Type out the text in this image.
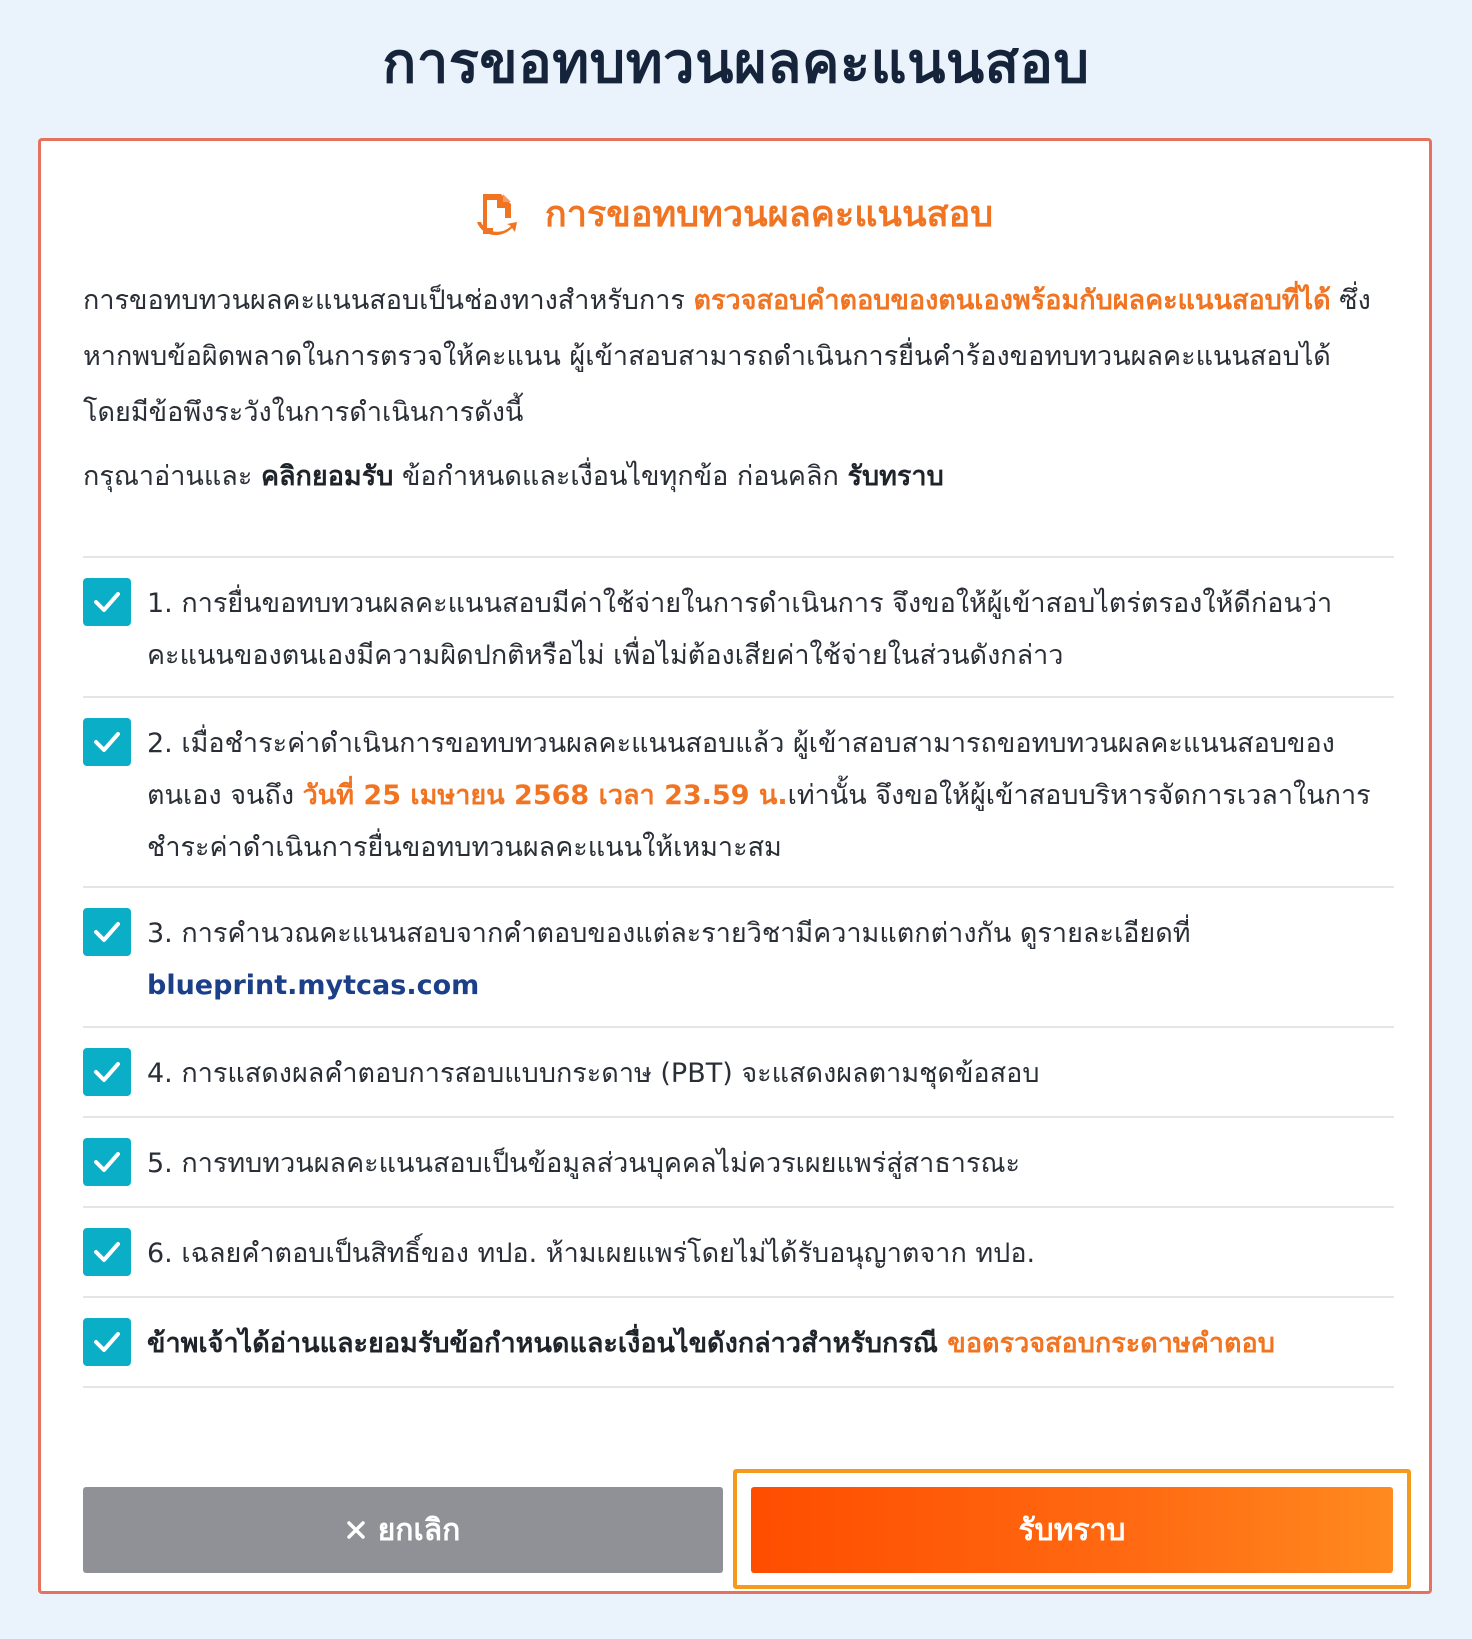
การขอทบทวนผลคะแนนสอบ
การขอทบทวนผลคะแนนสอบ

การขอทบทวนผลคะแนนสอบเป็นช่องทางสำหรับการ ตรวจสอบคำตอบของตนเองพร้อมกับผลคะแนนสอบที่ได้ ซึ่งหากพบข้อผิดพลาดในการตรวจให้คะแนน ผู้เข้าสอบสามารถดำเนินการยื่นคำร้องขอทบทวนผลคะแนนสอบได้ โดยมีข้อพึงระวังในการดำเนินการดังนี้

กรุณาอ่านและ คลิกยอมรับ ข้อกำหนดและเงื่อนไขทุกข้อ ก่อนคลิก รับทราบ

1. การยื่นขอทบทวนผลคะแนนสอบมีค่าใช้จ่ายในการดำเนินการ จึงขอให้ผู้เข้าสอบไตร่ตรองให้ดีก่อนว่า คะแนนของตนเองมีความผิดปกติหรือไม่ เพื่อไม่ต้องเสียค่าใช้จ่ายในส่วนดังกล่าว
2. เมื่อชำระค่าดำเนินการขอทบทวนผลคะแนนสอบแล้ว ผู้เข้าสอบสามารถขอทบทวนผลคะแนนสอบของ ตนเอง จนถึง วันที่ 25 เมษายน 2568 เวลา 23.59 น.เท่านั้น จึงขอให้ผู้เข้าสอบบริหารจัดการเวลาในการชำระค่าดำเนินการยื่นขอทบทวนผลคะแนนให้เหมาะสม
3. การคำนวณคะแนนสอบจากคำตอบของแต่ละรายวิชามีความแตกต่างกัน ดูรายละเอียดที่
blueprint.mytcas.com
4. การแสดงผลคำตอบการสอบแบบกระดาษ (PBT) จะแสดงผลตามชุดข้อสอบ
5. การทบทวนผลคะแนนสอบเป็นข้อมูลส่วนบุคคลไม่ควรเผยแพร่สู่สาธารณะ
6. เฉลยคำตอบเป็นสิทธิ์ของ ทปอ. ห้ามเผยแพร่โดยไม่ได้รับอนุญาตจาก ทปอ.
ข้าพเจ้าได้อ่านและยอมรับข้อกำหนดและเงื่อนไขดังกล่าวสำหรับกรณี ขอตรวจสอบกระดาษคำตอบ
ยกเลิก	รับทราบ
